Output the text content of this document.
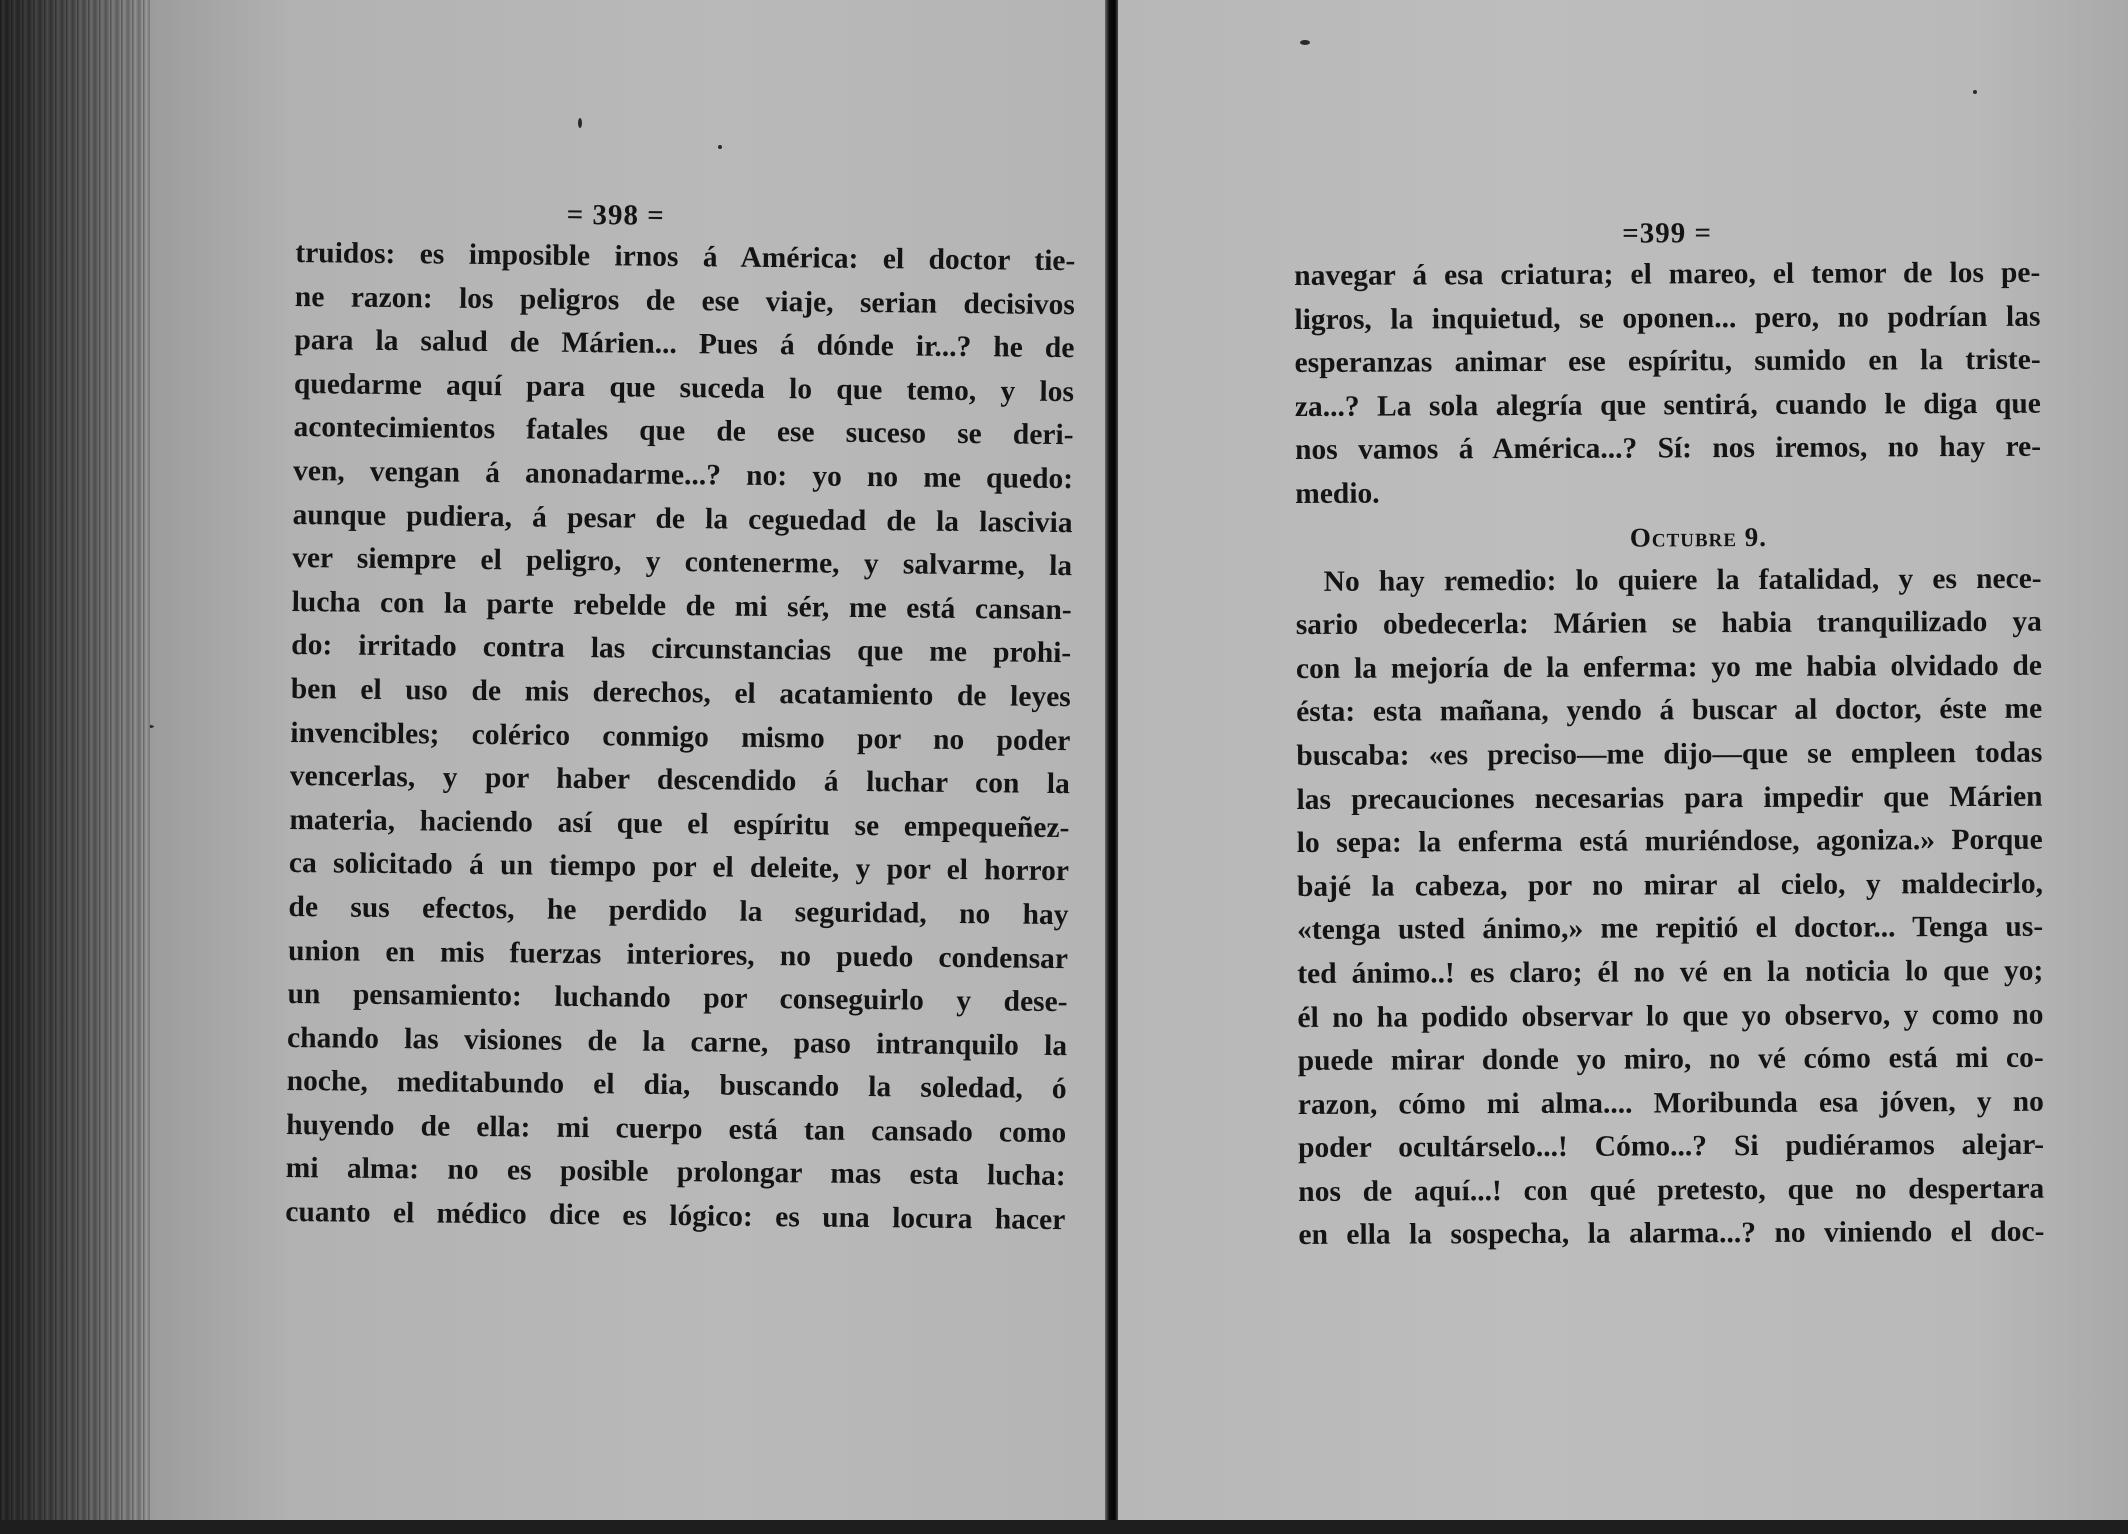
= 398 =
truidos: es imposible irnos á América: el doctor tie-
ne razon: los peligros de ese viaje, serian decisivos
para la salud de Márien... Pues á dónde ir...? he de
quedarme aquí para que suceda lo que temo, y los
acontecimientos fatales que de ese suceso se deri-
ven, vengan á anonadarme...? no: yo no me quedo:
aunque pudiera, á pesar de la ceguedad de la lascivia
ver siempre el peligro, y contenerme, y salvarme, la
lucha con la parte rebelde de mi sér, me está cansan-
do: irritado contra las circunstancias que me prohi-
ben el uso de mis derechos, el acatamiento de leyes
invencibles; colérico conmigo mismo por no poder
vencerlas, y por haber descendido á luchar con la
materia, haciendo así que el espíritu se empequeñez-
ca solicitado á un tiempo por el deleite, y por el horror
de sus efectos, he perdido la seguridad, no hay
union en mis fuerzas interiores, no puedo condensar
un pensamiento: luchando por conseguirlo y dese-
chando las visiones de la carne, paso intranquilo la
noche, meditabundo el dia, buscando la soledad, ó
huyendo de ella: mi cuerpo está tan cansado como
mi alma: no es posible prolongar mas esta lucha:
cuanto el médico dice es lógico: es una locura hacer
=399 =
navegar á esa criatura; el mareo, el temor de los pe-
ligros, la inquietud, se oponen... pero, no podrían las
esperanzas animar ese espíritu, sumido en la triste-
za...? La sola alegría que sentirá, cuando le diga que
nos vamos á América...? Sí: nos iremos, no hay re-
medio.
Octubre 9.
No hay remedio: lo quiere la fatalidad, y es nece-
sario obedecerla: Márien se habia tranquilizado ya
con la mejoría de la enferma: yo me habia olvidado de
ésta: esta mañana, yendo á buscar al doctor, éste me
buscaba: «es preciso—me dijo—que se empleen todas
las precauciones necesarias para impedir que Márien
lo sepa: la enferma está muriéndose, agoniza.» Porque
bajé la cabeza, por no mirar al cielo, y maldecirlo,
«tenga usted ánimo,» me repitió el doctor... Tenga us-
ted ánimo..! es claro; él no vé en la noticia lo que yo;
él no ha podido observar lo que yo observo, y como no
puede mirar donde yo miro, no vé cómo está mi co-
razon, cómo mi alma.... Moribunda esa jóven, y no
poder ocultárselo...! Cómo...? Si pudiéramos alejar-
nos de aquí...! con qué pretesto, que no despertara
en ella la sospecha, la alarma...? no viniendo el doc-
